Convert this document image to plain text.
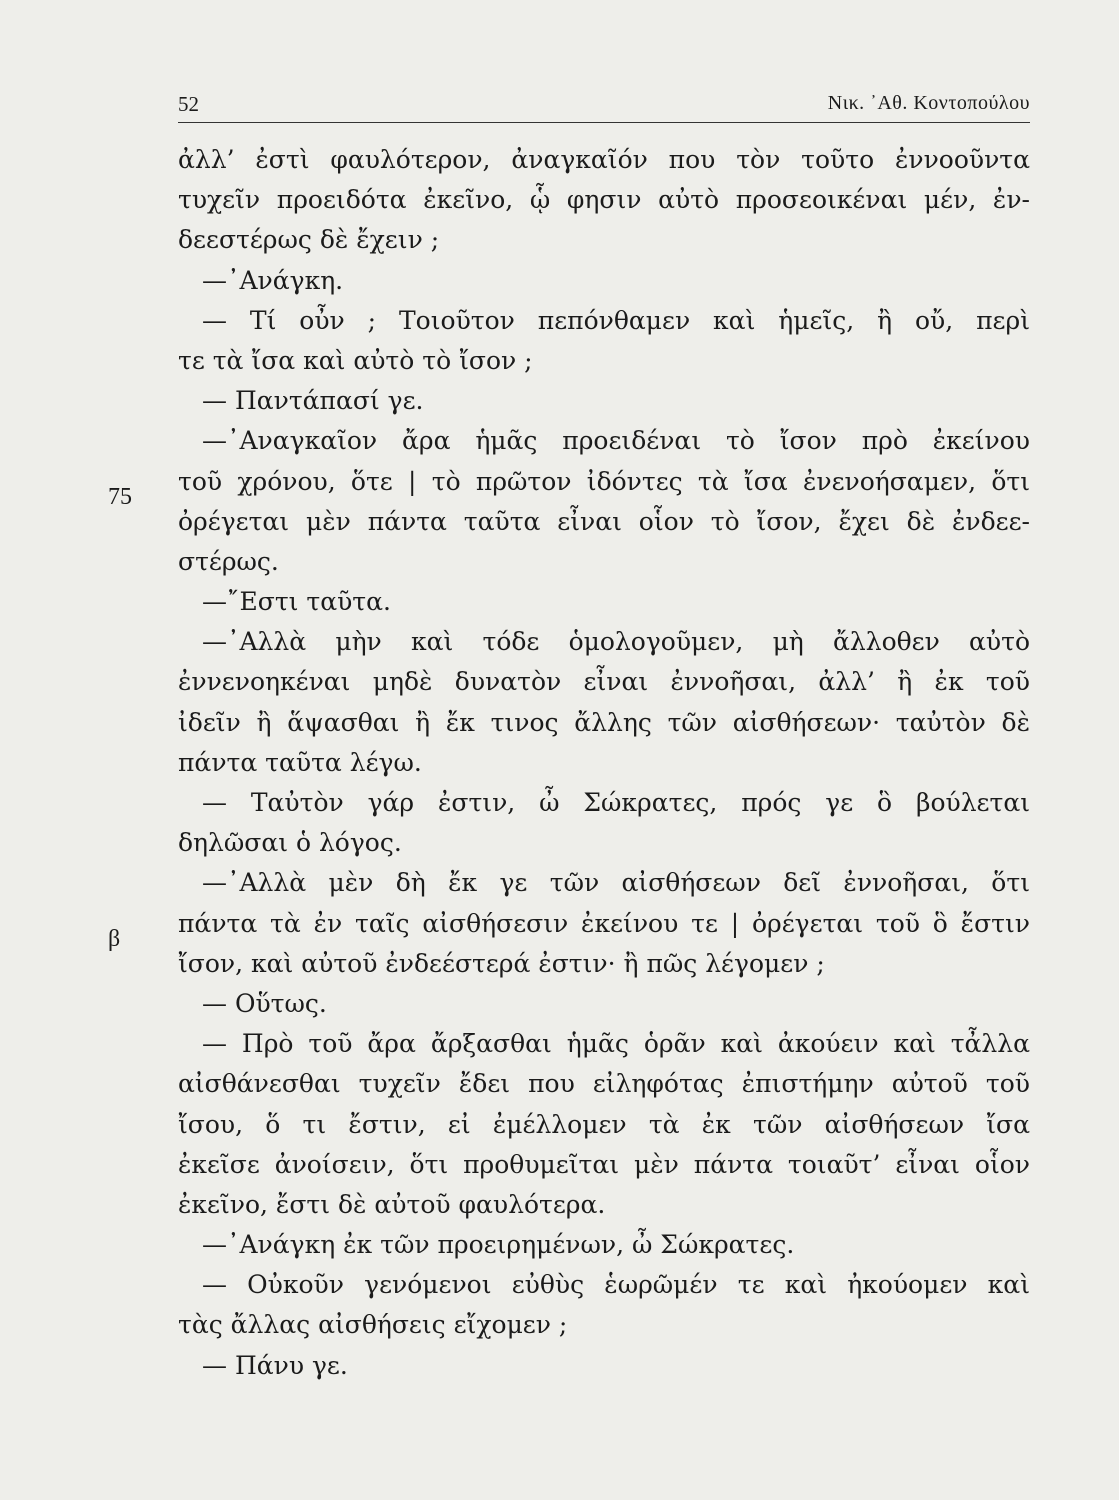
52	Νικ. ᾿Αθ. Κοντοπούλου
75
β
ἀλλ’ ἐστὶ φαυλότερον, ἀναγκαῖόν που τὸν τοῦτο ἐννοοῦντα
τυχεῖν προειδότα ἐκεῖνο, ᾧ φησιν αὐτὸ προσεοικέναι μέν, ἐν-
δεεστέρως δὲ ἔχειν ;
—᾿Ανάγκη.
— Τί οὖν ; Τοιοῦτον πεπόνθαμεν καὶ ἡμεῖς, ἢ οὔ, περὶ
τε τὰ ἴσα καὶ αὐτὸ τὸ ἴσον ;
— Παντάπασί γε.
—᾿Αναγκαῖον ἄρα ἡμᾶς προειδέναι τὸ ἴσον πρὸ ἐκείνου
τοῦ χρόνου, ὅτε | τὸ πρῶτον ἰδόντες τὰ ἴσα ἐνενοήσαμεν, ὅτι
ὀρέγεται μὲν πάντα ταῦτα εἶναι οἷον τὸ ἴσον, ἔχει δὲ ἐνδεε-
στέρως.
—῎Εστι ταῦτα.
—᾿Αλλὰ μὴν καὶ τόδε ὁμολογοῦμεν, μὴ ἄλλοθεν αὐτὸ
ἐννενοηκέναι μηδὲ δυνατὸν εἶναι ἐννοῆσαι, ἀλλ’ ἢ ἐκ τοῦ
ἰδεῖν ἢ ἅψασθαι ἢ ἔκ τινος ἄλλης τῶν αἰσθήσεων· ταὐτὸν δὲ
πάντα ταῦτα λέγω.
— Ταὐτὸν γάρ ἐστιν, ὦ Σώκρατες, πρός γε ὃ βούλεται
δηλῶσαι ὁ λόγος.
—᾿Αλλὰ μὲν δὴ ἔκ γε τῶν αἰσθήσεων δεῖ ἐννοῆσαι, ὅτι
πάντα τὰ ἐν ταῖς αἰσθήσεσιν ἐκείνου τε | ὀρέγεται τοῦ ὃ ἔστιν
ἴσον, καὶ αὐτοῦ ἐνδεέστερά ἐστιν· ἢ πῶς λέγομεν ;
— Οὕτως.
— Πρὸ τοῦ ἄρα ἄρξασθαι ἡμᾶς ὁρᾶν καὶ ἀκούειν καὶ τἆλλα
αἰσθάνεσθαι τυχεῖν ἔδει που εἰληφότας ἐπιστήμην αὐτοῦ τοῦ
ἴσου, ὅ τι ἔστιν, εἰ ἐμέλλομεν τὰ ἐκ τῶν αἰσθήσεων ἴσα
ἐκεῖσε ἀνοίσειν, ὅτι προθυμεῖται μὲν πάντα τοιαῦτ’ εἶναι οἷον
ἐκεῖνο, ἔστι δὲ αὐτοῦ φαυλότερα.
—᾿Ανάγκη ἐκ τῶν προειρημένων, ὦ Σώκρατες.
— Οὐκοῦν γενόμενοι εὐθὺς ἑωρῶμέν τε καὶ ἠκούομεν καὶ
τὰς ἄλλας αἰσθήσεις εἴχομεν ;
— Πάνυ γε.
